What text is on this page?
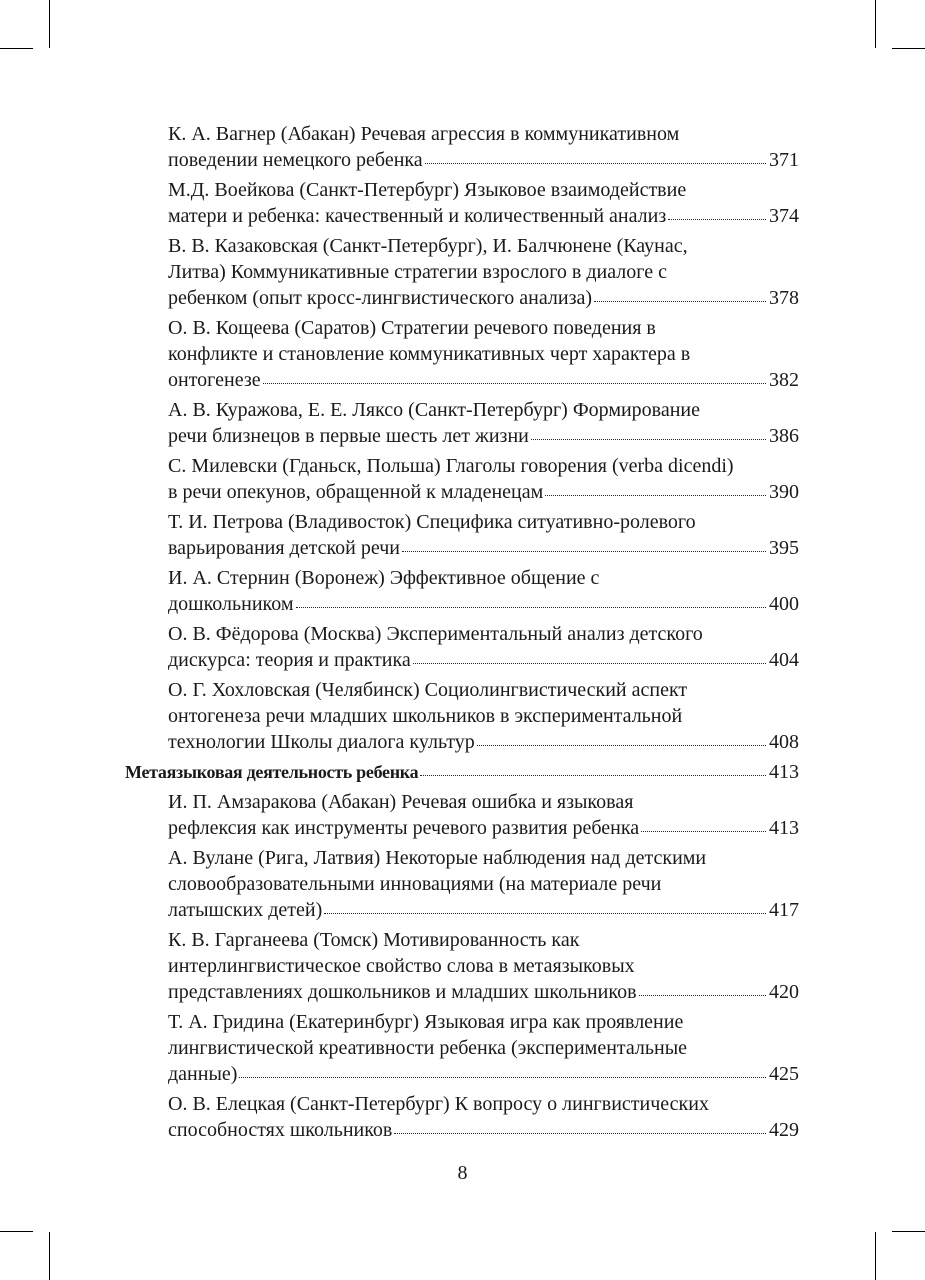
К. А. Вагнер (Абакан) Речевая агрессия в коммуникативном
поведении немецкого ребенка	371
М.Д. Воейкова (Санкт-Петербург) Языковое взаимодействие
матери и ребенка: качественный и количественный анализ	374
В. В. Казаковская (Санкт-Петербург), И. Балчюнене (Каунас,
Литва) Коммуникативные стратегии взрослого в диалоге с
ребенком (опыт кросс-лингвистического анализа)	378
О. В. Кощеева (Саратов) Стратегии речевого поведения в
конфликте и становление коммуникативных черт характера в
онтогенезе	382
А. В. Куражова, Е. Е. Ляксо (Санкт-Петербург) Формирование
речи близнецов в первые шесть лет жизни	386
С. Милевски (Гданьск, Польша) Глаголы говорения (verba dicendi)
в речи опекунов, обращенной к младенецам	390
Т. И. Петрова (Владивосток) Специфика ситуативно-ролевого
варьирования детской речи	395
И. А. Стернин (Воронеж) Эффективное общение с
дошкольником	400
О. В. Фёдорова (Москва) Экспериментальный анализ детского
дискурса: теория и практика	404
О. Г. Хохловская (Челябинск) Социолингвистический аспект
онтогенеза речи младших школьников в экспериментальной
технологии Школы диалога культур	408
Метаязыковая деятельность ребенка	413
И. П. Амзаракова (Абакан) Речевая ошибка и языковая
рефлексия как инструменты речевого развития ребенка	413
А. Вулане (Рига, Латвия) Некоторые наблюдения над детскими
словообразовательными инновациями (на материале речи
латышских детей)	417
К. В. Гарганеева (Томск) Мотивированность как
интерлингвистическое свойство слова в метаязыковых
представлениях дошкольников и младших школьников	420
Т. А. Гридина (Екатеринбург) Языковая игра как проявление
лингвистической креативности ребенка (экспериментальные
данные)	425
О. В. Елецкая (Санкт-Петербург) К вопросу о лингвистических
способностях школьников	429
8
